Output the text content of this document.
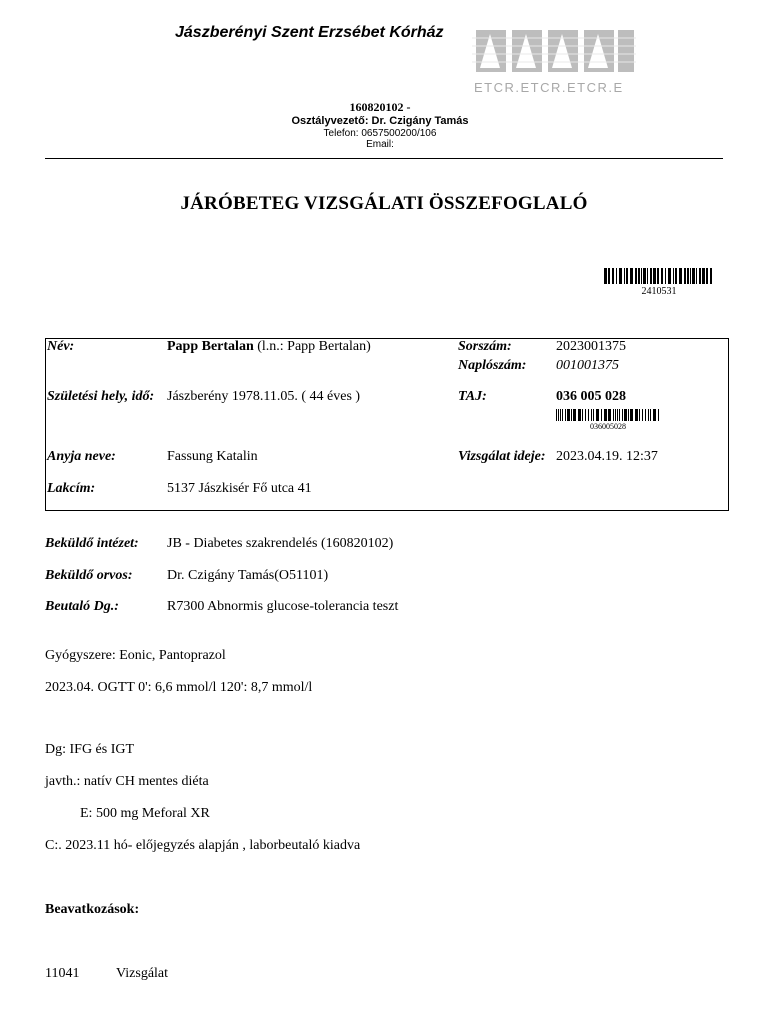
Jászberényi Szent Erzsébet Kórház
ETCR.ETCR.ETCR.E
160820102 -
Osztályvezető: Dr. Czigány Tamás
Telefon: 0657500200/106
Email:
JÁRÓBETEG VIZSGÁLATI ÖSSZEFOGLALÓ
2410531
Név:	Papp Bertalan (l.n.: Papp Bertalan)	Sorszám:	2023001375
Naplószám: 001001375
Születési hely, idő: Jászberény 1978.11.05. ( 44 éves )	TAJ:	036 005 028
036005028
Anyja neve:	Fassung Katalin	Vizsgálat ideje: 2023.04.19. 12:37
Lakcím:	5137 Jászkisér Fő utca 41
Beküldő intézet: JB - Diabetes szakrendelés (160820102)
Beküldő orvos: Dr. Czigány Tamás(O51101)
Beutaló Dg.:	R7300 Abnormis glucose-tolerancia teszt
Gyógyszere: Eonic, Pantoprazol
2023.04. OGTT 0': 6,6 mmol/l 120': 8,7 mmol/l
Dg: IFG és IGT
javth.: natív CH mentes diéta
E: 500 mg Meforal XR
C:. 2023.11 hó- előjegyzés alapján , laborbeutaló kiadva
Beavatkozások:
11041	Vizsgálat
